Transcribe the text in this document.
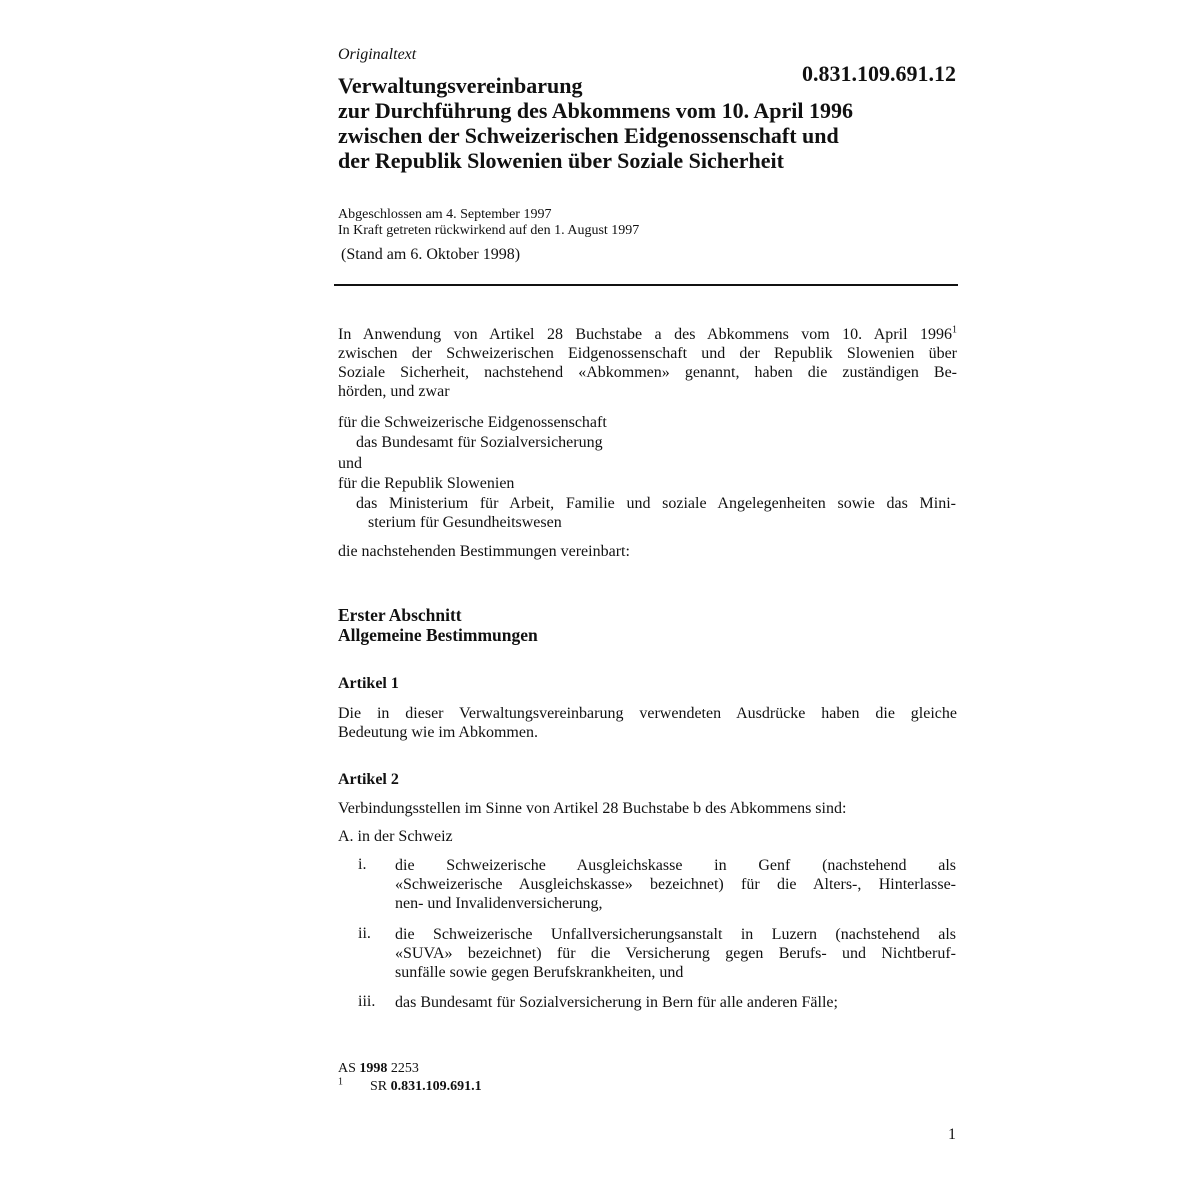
Originaltext
0.831.109.691.12
Verwaltungsvereinbarung
zur Durchführung des Abkommens vom 10. April 1996
zwischen der Schweizerischen Eidgenossenschaft und
der Republik Slowenien über Soziale Sicherheit
Abgeschlossen am 4. September 1997
In Kraft getreten rückwirkend auf den 1. August 1997
(Stand am 6. Oktober 1998)
In Anwendung von Artikel 28 Buchstabe a des Abkommens vom 10. April 1996$^1$
zwischen der Schweizerischen Eidgenossenschaft und der Republik Slowenien über
Soziale Sicherheit, nachstehend «Abkommen» genannt, haben die zuständigen Be-
hörden, und zwar
für die Schweizerische Eidgenossenschaft
das Bundesamt für Sozialversicherung
und
für die Republik Slowenien
das Ministerium für Arbeit, Familie und soziale Angelegenheiten sowie das Mini-
sterium für Gesundheitswesen
die nachstehenden Bestimmungen vereinbart:
Erster Abschnitt
Allgemeine Bestimmungen
Artikel 1
Die in dieser Verwaltungsvereinbarung verwendeten Ausdrücke haben die gleiche
Bedeutung wie im Abkommen.
Artikel 2
Verbindungsstellen im Sinne von Artikel 28 Buchstabe b des Abkommens sind:
A. in der Schweiz
i. die Schweizerische Ausgleichskasse in Genf (nachstehend als
«Schweizerische Ausgleichskasse» bezeichnet) für die Alters-, Hinterlasse-
nen- und Invalidenversicherung,
ii. die Schweizerische Unfallversicherungsanstalt in Luzern (nachstehend als
«SUVA» bezeichnet) für die Versicherung gegen Berufs- und Nichtberuf-
sunfälle sowie gegen Berufskrankheiten, und
iii. das Bundesamt für Sozialversicherung in Bern für alle anderen Fälle;
AS 1998 2253
$^1$ SR 0.831.109.691.1
1
